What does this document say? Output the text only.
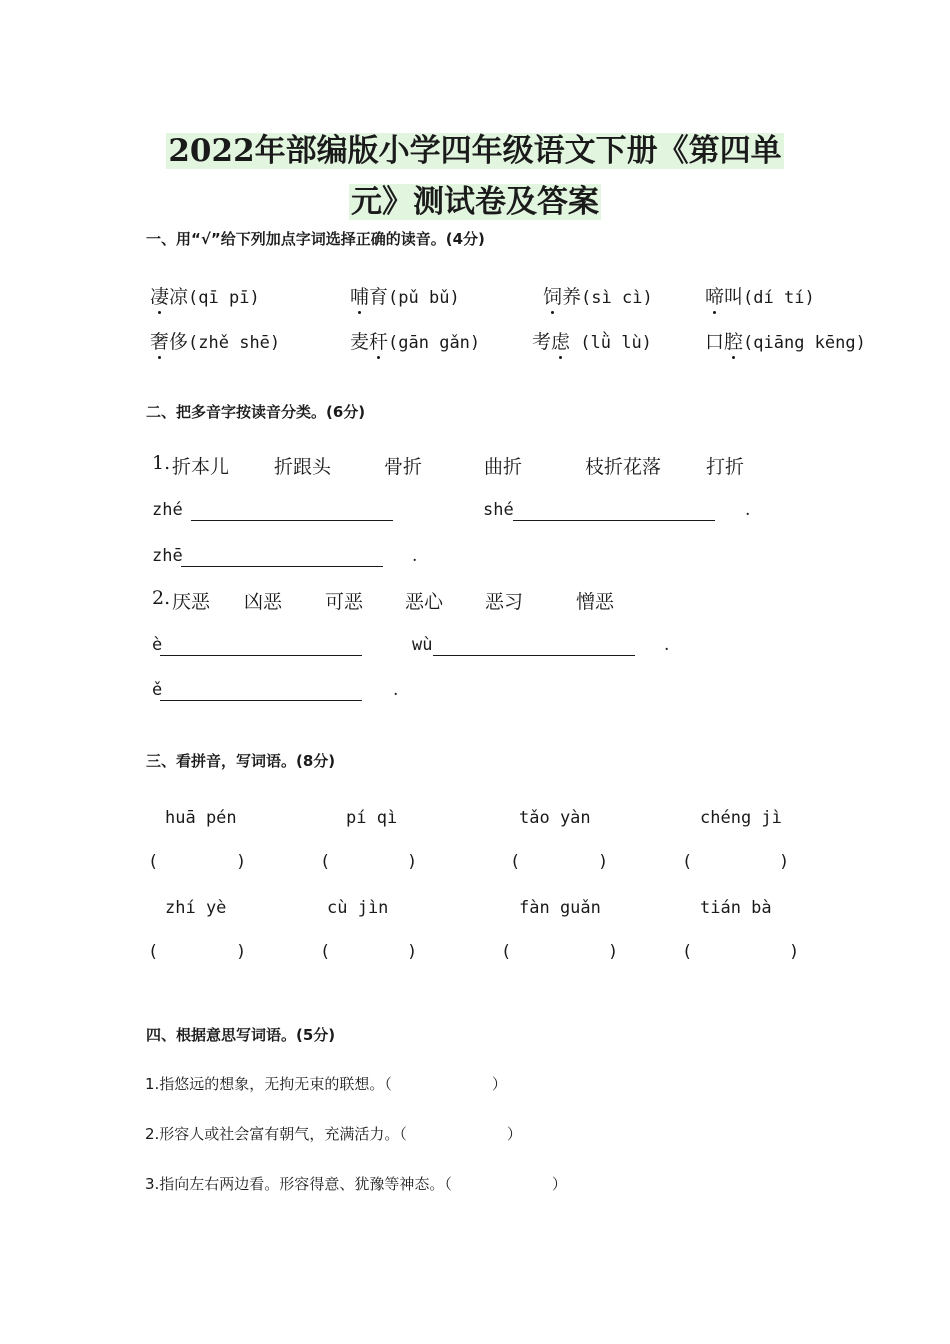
2022年部编版小学四年级语文下册《第四单
元》测试卷及答案
一、用“√”给下列加点字词选择正确的读音。(4分)
凄凉(qī pī)	哺育(pǔ bǔ)	饲养(sì cì)	啼叫(dí tí)
奢侈(zhě shē)	麦秆(gān gǎn)	考虑 (lǜ lù)	口腔(qiāng kēng)
二、把多音字按读音分类。(6分)
1. 折本儿 折跟头	骨折	曲折	枝折花落 打折
zhé	shé	.
zhē	.
2. 厌恶 凶恶 可恶 恶心 恶习	憎恶
è	wù	.
ě	.
三、看拼音，写词语。(8分)
huā pén	pí qì	tǎo yàn	chéng jì
(	)	(	)	(	)	(	)
zhí yè	cù jìn	fàn guǎn	tián bà
(	)	(	)	(	)	(	)
四、根据意思写词语。(5分)
1.指悠远的想象，无拘无束的联想。（	）
2.形容人或社会富有朝气，充满活力。（	）
3.指向左右两边看。形容得意、犹豫等神态。（	）
